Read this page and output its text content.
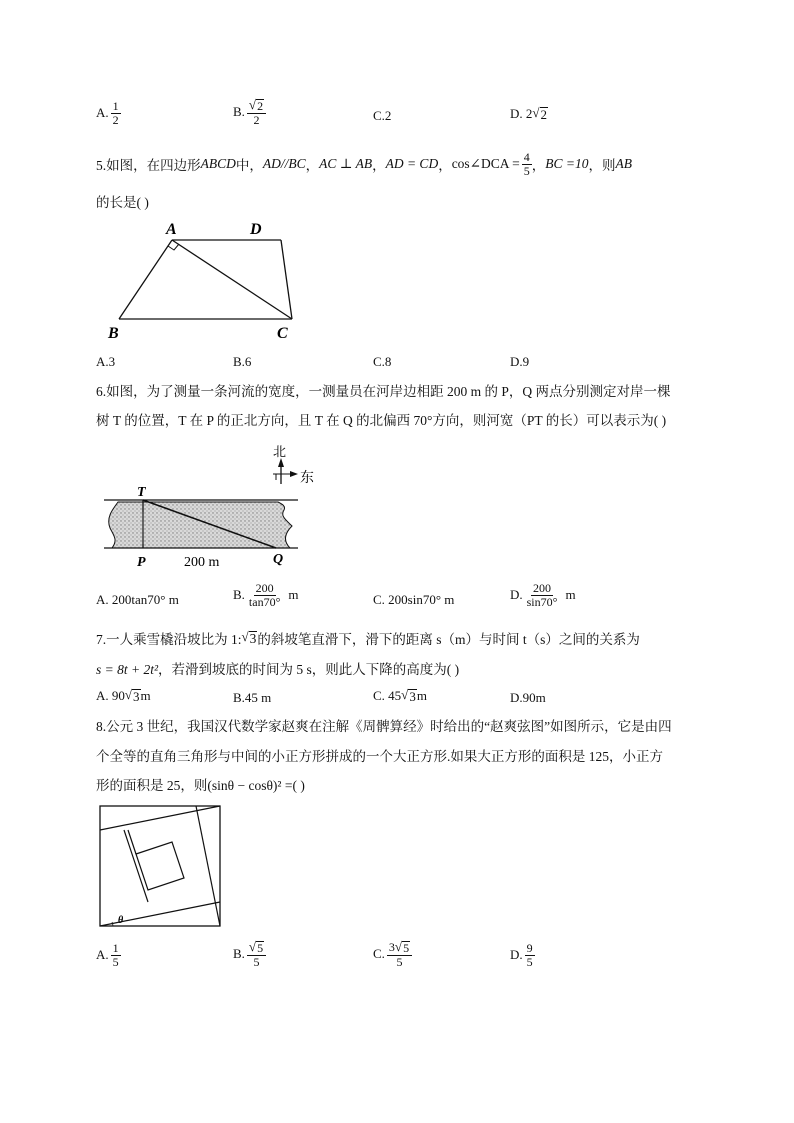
A. $\frac{1}{2}$	B. $\frac{√ 2}{2}$	C.2	D. 2 √ 2
5.如图，在四边形 ABCD 中， AD//BC ， AC ⊥ AB ， AD = CD ， cos∠DCA = $\frac{4}{5}$ ， BC =10 ，则 AB
的长是( )
A	D
B	C
A.3	B.6	C.8	D.9
6.如图，为了测量一条河流的宽度，一测量员在河岸边相距 200 m 的 P，Q 两点分别测定对岸一棵
树 T 的位置，T 在 P 的正北方向，且 T 在 Q 的北偏西 70°方向，则河宽（PT 的长）可以表示为( )
北
东
T
P	Q
200 m
A. 200tan70° m	B. $\frac{200}{\tan 70^\circ}$ m	C. 200sin70° m	D. $\frac{200}{\sin 70^\circ}$ m
7.一人乘雪橇沿坡比为 1: √ 3 的斜坡笔直滑下，滑下的距离 s（m）与时间 t（s）之间的关系为
s = 8t + 2t²，若滑到坡底的时间为 5 s，则此人下降的高度为( )
A. 90 √ 3 m	B.45 m	C. 45 √ 3 m	D.90m
8.公元 3 世纪，我国汉代数学家赵爽在注解《周髀算经》时给出的“赵爽弦图”如图所示，它是由四
个全等的直角三角形与中间的小正方形拼成的一个大正方形.如果大正方形的面积是 125，小正方
形的面积是 25，则(sinθ − cosθ)² =( )
θ
A. $\frac{1}{5}$	B. $\frac{√ 5}{5}$	C. $\frac{3 √ 5}{5}$	D. $\frac{9}{5}$
